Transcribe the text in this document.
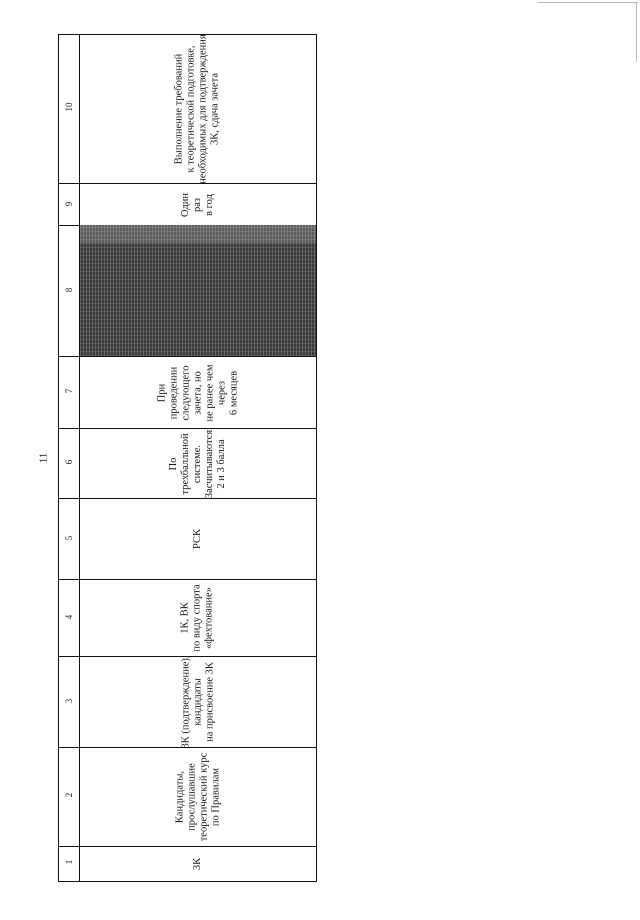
11
10
9
8
7
6
5
4
3
2
1
Выполнение требований
к теоретической подготовке,
необходимых для подтверждения
3К, сдача зачета
Один
раз
в год
При
проведении
следующего
зачета, но
не ранее чем
через
6 месяцев
По
трехбалльной
системе.
Засчитываются
2 и 3 балла
РСК
1К, ВК
по виду спорта
«фехтование»
3К (подтверждение),
кандидаты
на присвоение 3К
Кандидаты,
прослушавшие
теоретический курс
по Правилам
3К
